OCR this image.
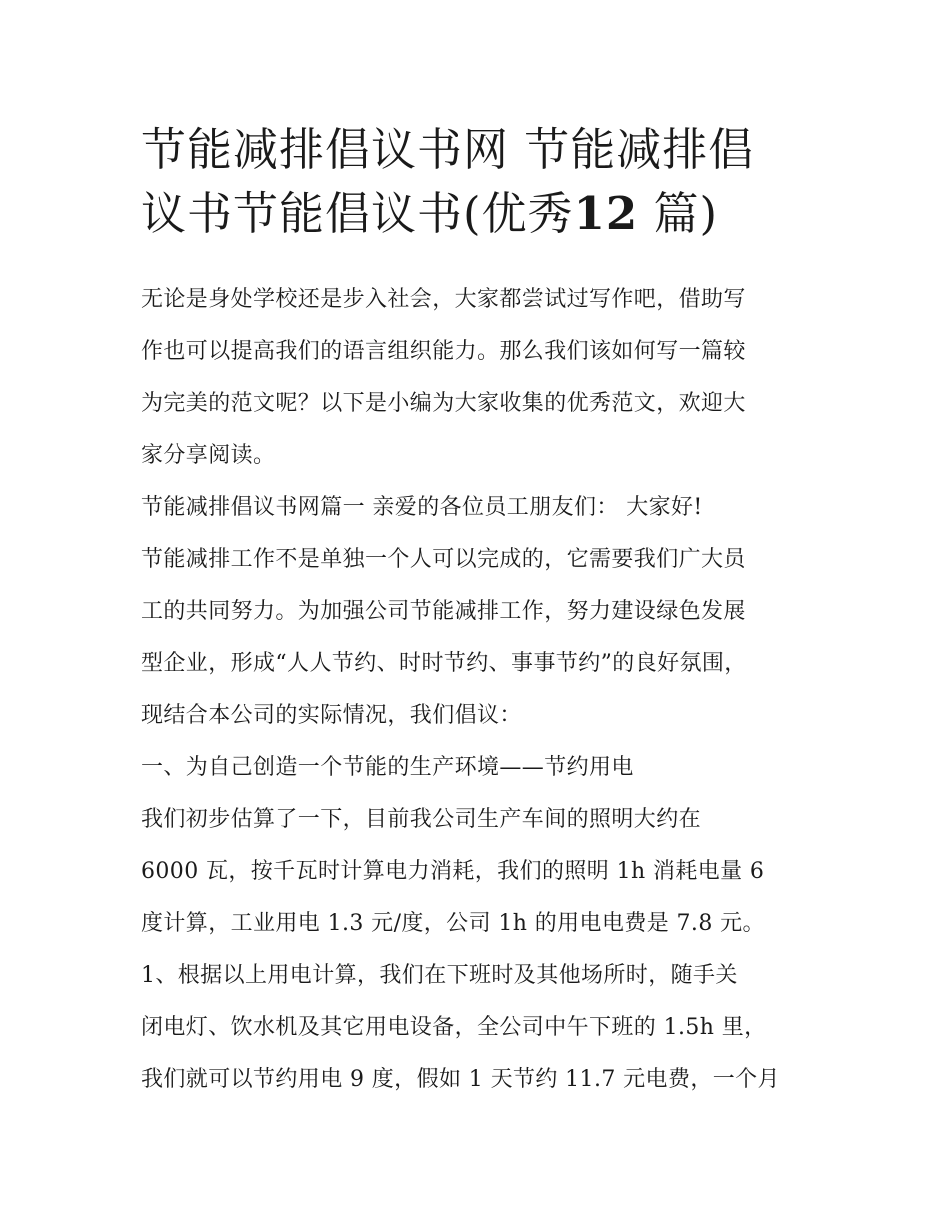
节能减排倡议书网 节能减排倡
议书节能倡议书(优秀12 篇)

无论是身处学校还是步入社会，大家都尝试过写作吧，借助写

作也可以提高我们的语言组织能力。那么我们该如何写一篇较

为完美的范文呢？以下是小编为大家收集的优秀范文，欢迎大

家分享阅读。

节能减排倡议书网篇一 亲爱的各位员工朋友们： 大家好!

节能减排工作不是单独一个人可以完成的，它需要我们广大员

工的共同努力。为加强公司节能减排工作，努力建设绿色发展

型企业，形成“人人节约、时时节约、事事节约”的良好氛围，

现结合本公司的实际情况，我们倡议：

一、为自己创造一个节能的生产环境——节约用电

我们初步估算了一下，目前我公司生产车间的照明大约在

6000 瓦，按千瓦时计算电力消耗，我们的照明 1h 消耗电量 6

度计算，工业用电 1.3 元/度，公司 1h 的用电电费是 7.8 元。

1、根据以上用电计算，我们在下班时及其他场所时，随手关

闭电灯、饮水机及其它用电设备，全公司中午下班的 1.5h 里，

我们就可以节约用电 9 度，假如 1 天节约 11.7 元电费，一个月
